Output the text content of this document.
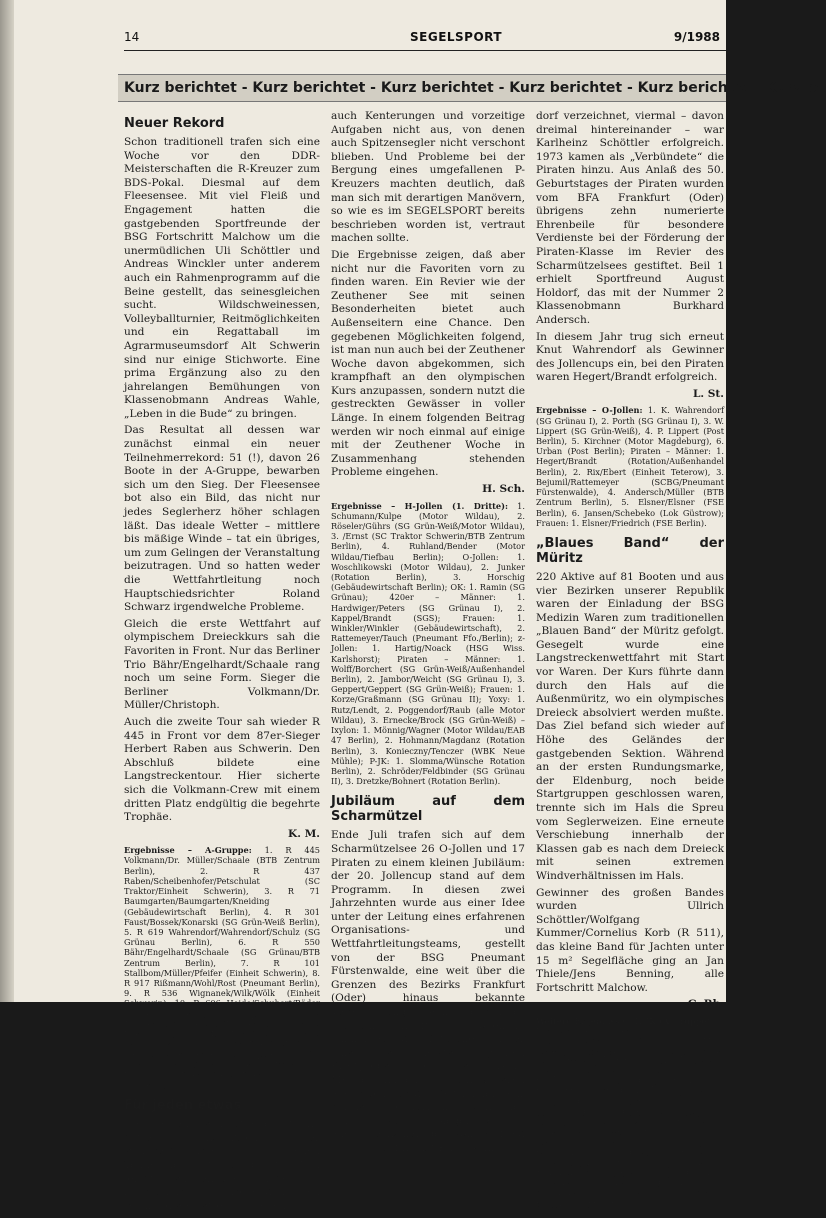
14	SEGELSPORT	9/1988
Kurz berichtet - Kurz berichtet - Kurz berichtet - Kurz berichtet - Kurz berichtet - Kurz be
Neuer Rekord

Schon traditionell trafen sich eine Woche vor den DDR-Meisterschaften die R-Kreuzer zum BDS-Pokal. Diesmal auf dem Fleesensee. Mit viel Fleiß und Engagement hatten die gastgebenden Sportfreunde der BSG Fortschritt Malchow um die unermüdlichen Uli Schöttler und Andreas Winckler unter anderem auch ein Rahmenprogramm auf die Beine gestellt, das seinesgleichen sucht. Wildschweinessen, Volleyballturnier, Reitmöglichkeiten und ein Regattaball im Agrarmuseumsdorf Alt Schwerin sind nur einige Stichworte. Eine prima Ergänzung also zu den jahrelangen Bemühungen von Klassenobmann Andreas Wahle, „Leben in die Bude“ zu bringen.

Das Resultat all dessen war zunächst einmal ein neuer Teilnehmerrekord: 51 (!), davon 26 Boote in der A-Gruppe, bewarben sich um den Sieg. Der Fleesensee bot also ein Bild, das nicht nur jedes Seglerherz höher schlagen läßt. Das ideale Wetter – mittlere bis mäßige Winde – tat ein übriges, um zum Gelingen der Veranstaltung beizutragen. Und so hatten weder die Wettfahrtleitung noch Hauptschiedsrichter Roland Schwarz irgendwelche Probleme.

Gleich die erste Wettfahrt auf olympischem Dreieckkurs sah die Favoriten in Front. Nur das Berliner Trio Bähr/Engelhardt/Schaale rang noch um seine Form. Sieger die Berliner Volkmann/Dr. Müller/Christoph.

Auch die zweite Tour sah wieder R 445 in Front vor dem 87er-Sieger Herbert Raben aus Schwerin. Den Abschluß bildete eine Langstreckentour. Hier sicherte sich die Volkmann-Crew mit einem dritten Platz endgültig die begehrte Trophäe.

K. M.

Ergebnisse – A-Gruppe: 1. R 445 Volkmann/Dr. Müller/Schaale (BTB Zentrum Berlin), 2. R 437 Raben/Scheibenhofer/Petschulat (SC Traktor/Einheit Schwerin), 3. R 71 Baumgarten/Baumgarten/Kneiding (Gebäudewirtschaft Berlin), 4. R 301 Faust/Bossek/Konarski (SG Grün-Weiß Berlin), 5. R 619 Wahrendorf/Wahrendorf/Schulz (SG Grünau Berlin), 6. R 550 Bähr/Engelhardt/Schaale (SG Grünau/BTB Zentrum Berlin), 7. R 101 Stallbom/Müller/Pfeifer (Einheit Schwerin), 8. R 917 Rißmann/Wohl/Rost (Pneumant Berlin), 9. R 536 Wignanek/Wilk/Wölk (Einheit Schwerin), 10. R 606 Heide/Schubert/Räder (Einheit Schwerin). – B-Gruppe: 1. R 279 Theuerkauf/Theuerkauf/Theuerkauf (Keramik Rheinsberg), 2. R 400 Ecks/Ecks/Schönrock (Medizin Waren), 3. R 645 Dietrich/Voß/Rau (Veritas Wittenberge): – C-Gruppe: 1. R 134 Ahrendt/Ahrendt/Ahrendt (Medizin Waren), 2. R 115 Dierke/Dierke/Dierke (Einheit Schwerin).

Für jeden etwas

Die diesjährige Zeuthener Woche hatte hinsichtlich der Windverhältnisse für jeden Teilnehmer etwas parat. Von leichten Winden über „Lächer“ bis zu stürmisch auffrischenden Böen reichte die Palette. So blieben

auch Kenterungen und vorzeitige Aufgaben nicht aus, von denen auch Spitzensegler nicht verschont blieben. Und Probleme bei der Bergung eines umgefallenen P-Kreuzers machten deutlich, daß man sich mit derartigen Manövern, so wie es im SEGELSPORT bereits beschrieben worden ist, vertraut machen sollte.

Die Ergebnisse zeigen, daß aber nicht nur die Favoriten vorn zu finden waren. Ein Revier wie der Zeuthener See mit seinen Besonderheiten bietet auch Außenseitern eine Chance. Den gegebenen Möglichkeiten folgend, ist man nun auch bei der Zeuthener Woche davon abgekommen, sich krampfhaft an den olympischen Kurs anzupassen, sondern nutzt die gestreckten Gewässer in voller Länge. In einem folgenden Beitrag werden wir noch einmal auf einige mit der Zeuthener Woche in Zusammenhang stehenden Probleme eingehen.

H. Sch.

Ergebnisse – H-Jollen (1. Dritte): 1. Schumann/Kulpe (Motor Wildau), 2. Röseler/Gührs (SG Grün-Weiß/Motor Wildau), 3. /Ernst (SC Traktor Schwerin/BTB Zentrum Berlin), 4. Ruhland/Bender (Motor Wildau/Tiefbau Berlin); O-Jollen: 1. Woschlikowski (Motor Wildau), 2. Junker (Rotation Berlin), 3. Horschig (Gebäudewirtschaft Berlin); OK: 1. Ramin (SG Grünau); 420er – Männer: 1. Hardwiger/Peters (SG Grünau I), 2. Kappel/Brandt (SGS); Frauen: 1. Winkler/Winkler (Gebäudewirtschaft), 2. Rattemeyer/Tauch (Pneumant Ffo./Berlin); z-Jollen: 1. Hartig/Noack (HSG Wiss. Karlshorst); Piraten – Männer: 1. Wolff/Borchert (SG Grün-Weiß/Außenhandel Berlin), 2. Jambor/Weicht (SG Grünau I), 3. Geppert/Geppert (SG Grün-Weiß); Frauen: 1. Korze/Graßmann (SG Grünau II); Yoxy: 1. Rutz/Lendt, 2. Poggendorf/Raub (alle Motor Wildau), 3. Ernecke/Brock (SG Grün-Weiß) – Ixylon: 1. Mönnig/Wagner (Motor Wildau/EAB 47 Berlin), 2. Hohmann/Magdanz (Rotation Berlin), 3. Konieczny/Tenczer (WBK Neue Mühle); P-JK: 1. Slomma/Wünsche Rotation Berlin), 2. Schröder/Feldbinder (SG Grünau II), 3. Dretzke/Bohnert (Rotation Berlin).

Jubiläum auf dem Scharmützel

Ende Juli trafen sich auf dem Scharmützelsee 26 O-Jollen und 17 Piraten zu einem kleinen Jubiläum: der 20. Jollencup stand auf dem Programm. In diesen zwei Jahrzehnten wurde aus einer Idee unter der Leitung eines erfahrenen Organisations- und Wettfahrtleitungsteams, gestellt von der BSG Pneumant Fürstenwalde, eine weit über die Grenzen des Bezirks Frankfurt (Oder) hinaus bekannte Veranstaltung. Sein besonderes Fluidum schöpft der Jollencup einmal aus der Tatsache, daß er eine der letzten großen Kraftproben vor den DDR-Meisterschaften ist, zum anderen aber auch aus der fast immer sehr starken Konkurrenz. Klinisches Flair bis zu den Siegerlisten. So allein sechsmal der von Wilfried Lippert, fünfmal ist Knut Wahren-

dorf verzeichnet, viermal – davon dreimal hintereinander – war Karlheinz Schöttler erfolgreich. 1973 kamen als „Verbündete“ die Piraten hinzu. Aus Anlaß des 50. Geburtstages der Piraten wurden vom BFA Frankfurt (Oder) übrigens zehn numerierte Ehrenbeile für besondere Verdienste bei der Förderung der Piraten-Klasse im Revier des Scharmützelsees gestiftet. Beil 1 erhielt Sportfreund August Holdorf, das mit der Nummer 2 Klassenobmann Burkhard Andersch.

In diesem Jahr trug sich erneut Knut Wahrendorf als Gewinner des Jollencups ein, bei den Piraten waren Hegert/Brandt erfolgreich.

L. St.

Ergebnisse – O-Jollen: 1. K. Wahrendorf (SG Grünau I), 2. Porth (SG Grünau I), 3. W. Lippert (SG Grün-Weiß), 4. P. Lippert (Post Berlin), 5. Kirchner (Motor Magdeburg), 6. Urban (Post Berlin); Piraten – Männer: 1. Hegert/Brandt (Rotation/Außenhandel Berlin), 2. Rix/Ebert (Einheit Teterow), 3. Bejumil/Rattemeyer (SCBG/Pneumant Fürstenwalde), 4. Andersch/Müller (BTB Zentrum Berlin), 5. Elsner/Elsner (FSE Berlin), 6. Jansen/Schebeko (Lok Güstrow); Frauen: 1. Elsner/Friedrich (FSE Berlin).

„Blaues Band“ der Müritz

220 Aktive auf 81 Booten und aus vier Bezirken unserer Republik waren der Einladung der BSG Medizin Waren zum traditionellen „Blauen Band“ der Müritz gefolgt. Gesegelt wurde eine Langstreckenwettfahrt mit Start vor Waren. Der Kurs führte dann durch den Hals auf die Außenmüritz, wo ein olympisches Dreieck absolviert werden mußte. Das Ziel befand sich wieder auf Höhe des Geländes der gastgebenden Sektion. Während an der ersten Rundungsmarke, der Eldenburg, noch beide Startgruppen geschlossen waren, trennte sich im Hals die Spreu vom Seglerweizen. Eine erneute Verschiebung innerhalb der Klassen gab es nach dem Dreieck mit seinen extremen Windverhältnissen im Hals.

Gewinner des großen Bandes wurden Ullrich Schöttler/Wolfgang Kummer/Cornelius Korb (R 511), das kleine Band für Jachten unter 15 m² Segelfläche ging an Jan Thiele/Jens Benning, alle Fortschritt Malchow.

G. Rh.

Weitere Ergebnisse – R-JK (A-Gruppe): 2. Ecks/Krause/Reinsberg, 3. Grundmann/Grundmann/Thiele (alle Med. Waren); B-Gruppe: 1. Kalk/Kappel/Kittel (Med. Waren) – P-JK: 1. Kettner/Krämer (Emp. Röbel/Mot. Rechlin), 2. Hackbusch/Kubisink (Emp. Röbel), 3. Feiten/Michels (Tr. Ribe/Lok Plau); Pirat: 1. Schubert/Bühring (S/H Rostock), 2. Uschtusen/Ruse (Fort. Malchow), 3. Weiss/Gruel (Med. Waren); Ixylon: 1. Scherpinski/Koberstein (Mot. Rechlin), 2. Waade/Pohla (Tr. Kiebe/Lok Plau), 3. Pohl/Ohle (Turb. Rostock); Yoxy: 1. Schmidt/Osterloh (Emp. Röbel); z-Jollen: 1. Thiele/Benning (Fort. Malchow); C-Boote: 1. Zimmermann/Lehdemann: Hiddensee: 1. Ohlmeier/Ohlmeier/Schröde/Ahrendt; OK: 1. Künzle (alle Med. Waren).
